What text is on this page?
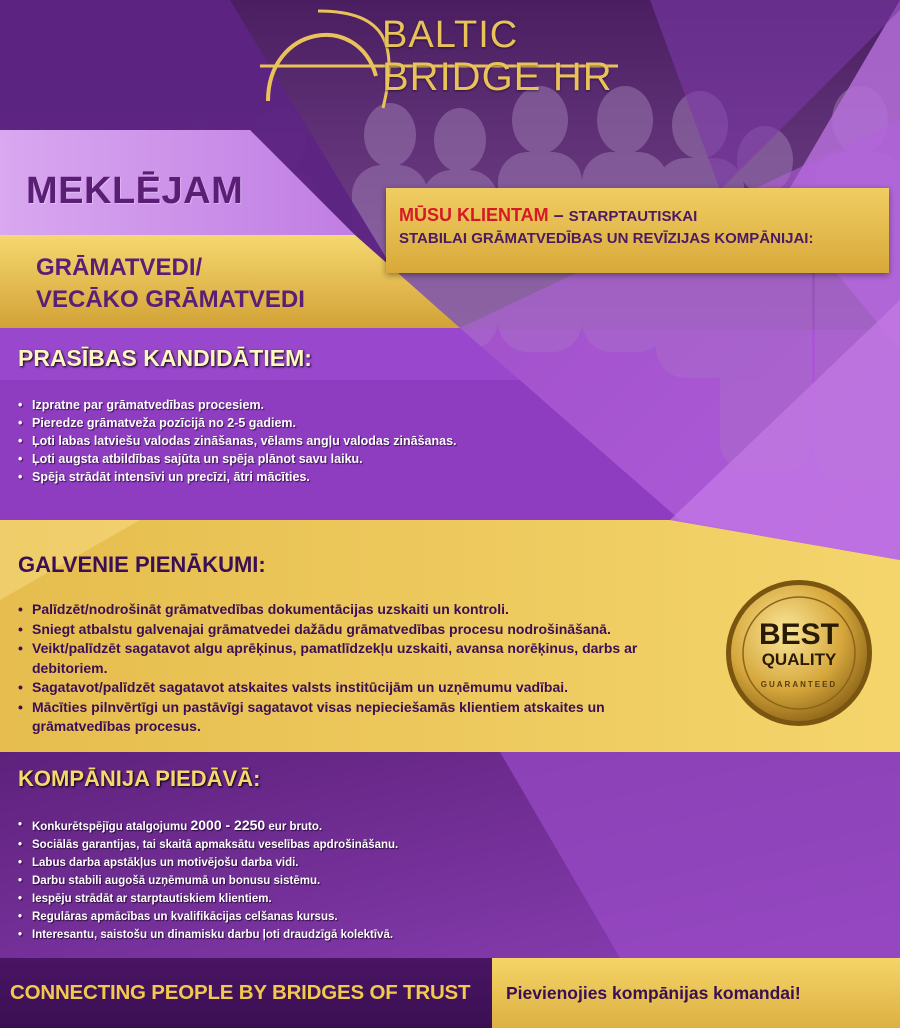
BALTIC
BRIDGE HR
MEKLĒJAM
GRĀMATVEDI/
VECĀKO GRĀMATVEDI
MŪSU KLIENTAM – STARPTAUTISKAI
STABILAI GRĀMATVEDĪBAS UN REVĪZIJAS KOMPĀNIJAI:
PRASĪBAS KANDIDĀTIEM:
• Izpratne par grāmatvedības procesiem.
• Pieredze grāmatveža pozīcijā no 2-5 gadiem.
• Ļoti labas latviešu valodas zināšanas, vēlams angļu valodas zināšanas.
• Ļoti augsta atbildības sajūta un spēja plānot savu laiku.
• Spēja strādāt intensīvi un precīzi, ātri mācīties.
GALVENIE PIENĀKUMI:
• Palīdzēt/nodrošināt grāmatvedības dokumentācijas uzskaiti un kontroli.
• Sniegt atbalstu galvenajai grāmatvedei dažādu grāmatvedības procesu nodrošināšanā.
• Veikt/palīdzēt sagatavot algu aprēķinus, pamatlīdzekļu uzskaiti, avansa norēķinus, darbs ar debitoriem.
• Sagatavot/palīdzēt sagatavot atskaites valsts institūcijām un uzņēmumu vadībai.
• Mācīties pilnvērtīgi un pastāvīgi sagatavot visas nepieciešamās klientiem atskaites un grāmatvedības procesus.
BEST
QUALITY
GUARANTEED
KOMPĀNIJA PIEDĀVĀ:
• Konkurētspējīgu atalgojumu 2000 - 2250 eur bruto.
• Sociālās garantijas, tai skaitā apmaksātu veselības apdrošināšanu.
• Labus darba apstākļus un motivējošu darba vidi.
• Darbu stabili augošā uzņēmumā un bonusu sistēmu.
• Iespēju strādāt ar starptautiskiem klientiem.
• Regulāras apmācības un kvalifikācijas celšanas kursus.
• Interesantu, saistošu un dinamisku darbu ļoti draudzīgā kolektīvā.
CONNECTING PEOPLE BY BRIDGES OF TRUST	Pievienojies kompānijas komandai!
